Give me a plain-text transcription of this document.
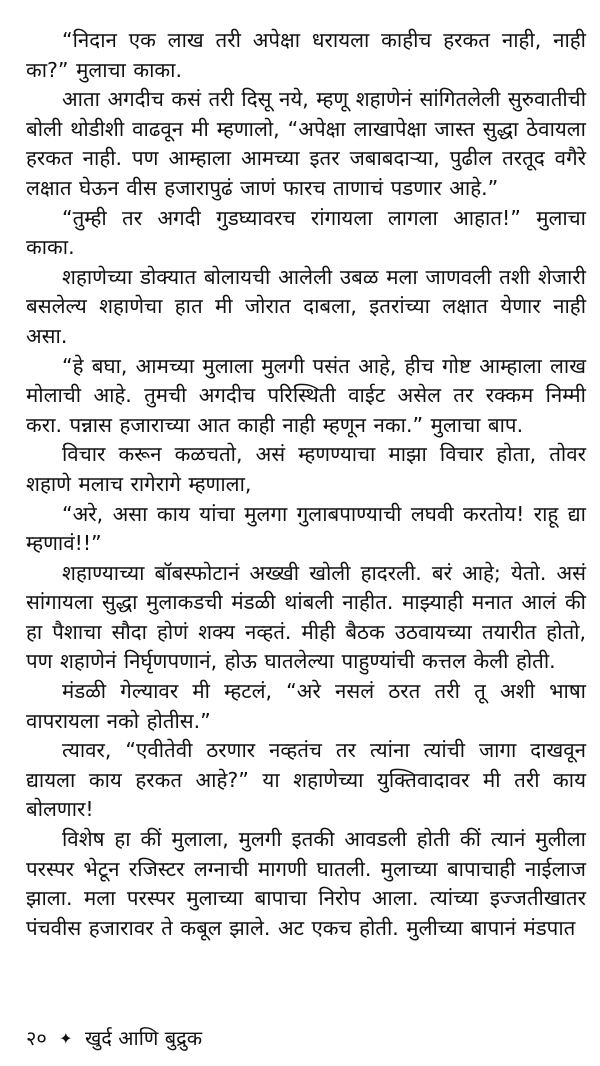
“निदान एक लाख तरी अपेक्षा धरायला काहीच हरकत नाही, नाही का?” मुलाचा काका.

आता अगदीच कसं तरी दिसू नये, म्हणू शहाणेनं सांगितलेली सुरुवातीची बोली थोडीशी वाढवून मी म्हणालो, “अपेक्षा लाखापेक्षा जास्त सुद्धा ठेवायला हरकत नाही. पण आम्हाला आमच्या इतर जबाबदाऱ्या, पुढील तरतूद वगैरे लक्षात घेऊन वीस हजारापुढं जाणं फारच ताणाचं पडणार आहे.”

“तुम्ही तर अगदी गुडघ्यावरच रांगायला लागला आहात!” मुलाचा काका.

शहाणेच्या डोक्यात बोलायची आलेली उबळ मला जाणवली तशी शेजारी बसलेल्य शहाणेचा हात मी जोरात दाबला, इतरांच्या लक्षात येणार नाही असा.

“हे बघा, आमच्या मुलाला मुलगी पसंत आहे, हीच गोष्ट आम्हाला लाख मोलाची आहे. तुमची अगदीच परिस्थिती वाईट असेल तर रक्कम निम्मी करा. पन्नास हजाराच्या आत काही नाही म्हणून नका.” मुलाचा बाप.

विचार करून कळचतो, असं म्हणण्याचा माझा विचार होता, तोवर शहाणे मलाच रागेरागे म्हणाला,

“अरे, असा काय यांचा मुलगा गुलाबपाण्याची लघवी करतोय! राहू द्या म्हणावं!!”

शहाण्याच्या बॉबस्फोटानं अख्खी खोली हादरली. बरं आहे; येतो. असं सांगायला सुद्धा मुलाकडची मंडळी थांबली नाहीत. माझ्याही मनात आलं की हा पैशाचा सौदा होणं शक्य नव्हतं. मीही बैठक उठवायच्या तयारीत होतो, पण शहाणेनं निर्घृणपणानं, होऊ घातलेल्या पाहुण्यांची कत्तल केली होती.

मंडळी गेल्यावर मी म्हटलं, “अरे नसलं ठरत तरी तू अशी भाषा वापरायला नको होतीस.”

त्यावर, “एवीतेवी ठरणार नव्हतंच तर त्यांना त्यांची जागा दाखवून द्यायला काय हरकत आहे?” या शहाणेच्या युक्तिवादावर मी तरी काय बोलणार!

विशेष हा कीं मुलाला, मुलगी इतकी आवडली होती कीं त्यानं मुलीला परस्पर भेटून रजिस्टर लग्नाची मागणी घातली. मुलाच्या बापाचाही नाईलाज झाला. मला परस्पर मुलाच्या बापाचा निरोप आला. त्यांच्या इज्जतीखातर पंचवीस हजारावर ते कबूल झाले. अट एकच होती. मुलीच्या बापानं मंडपात

२० ✦ खुर्द आणि बुद्रुक
